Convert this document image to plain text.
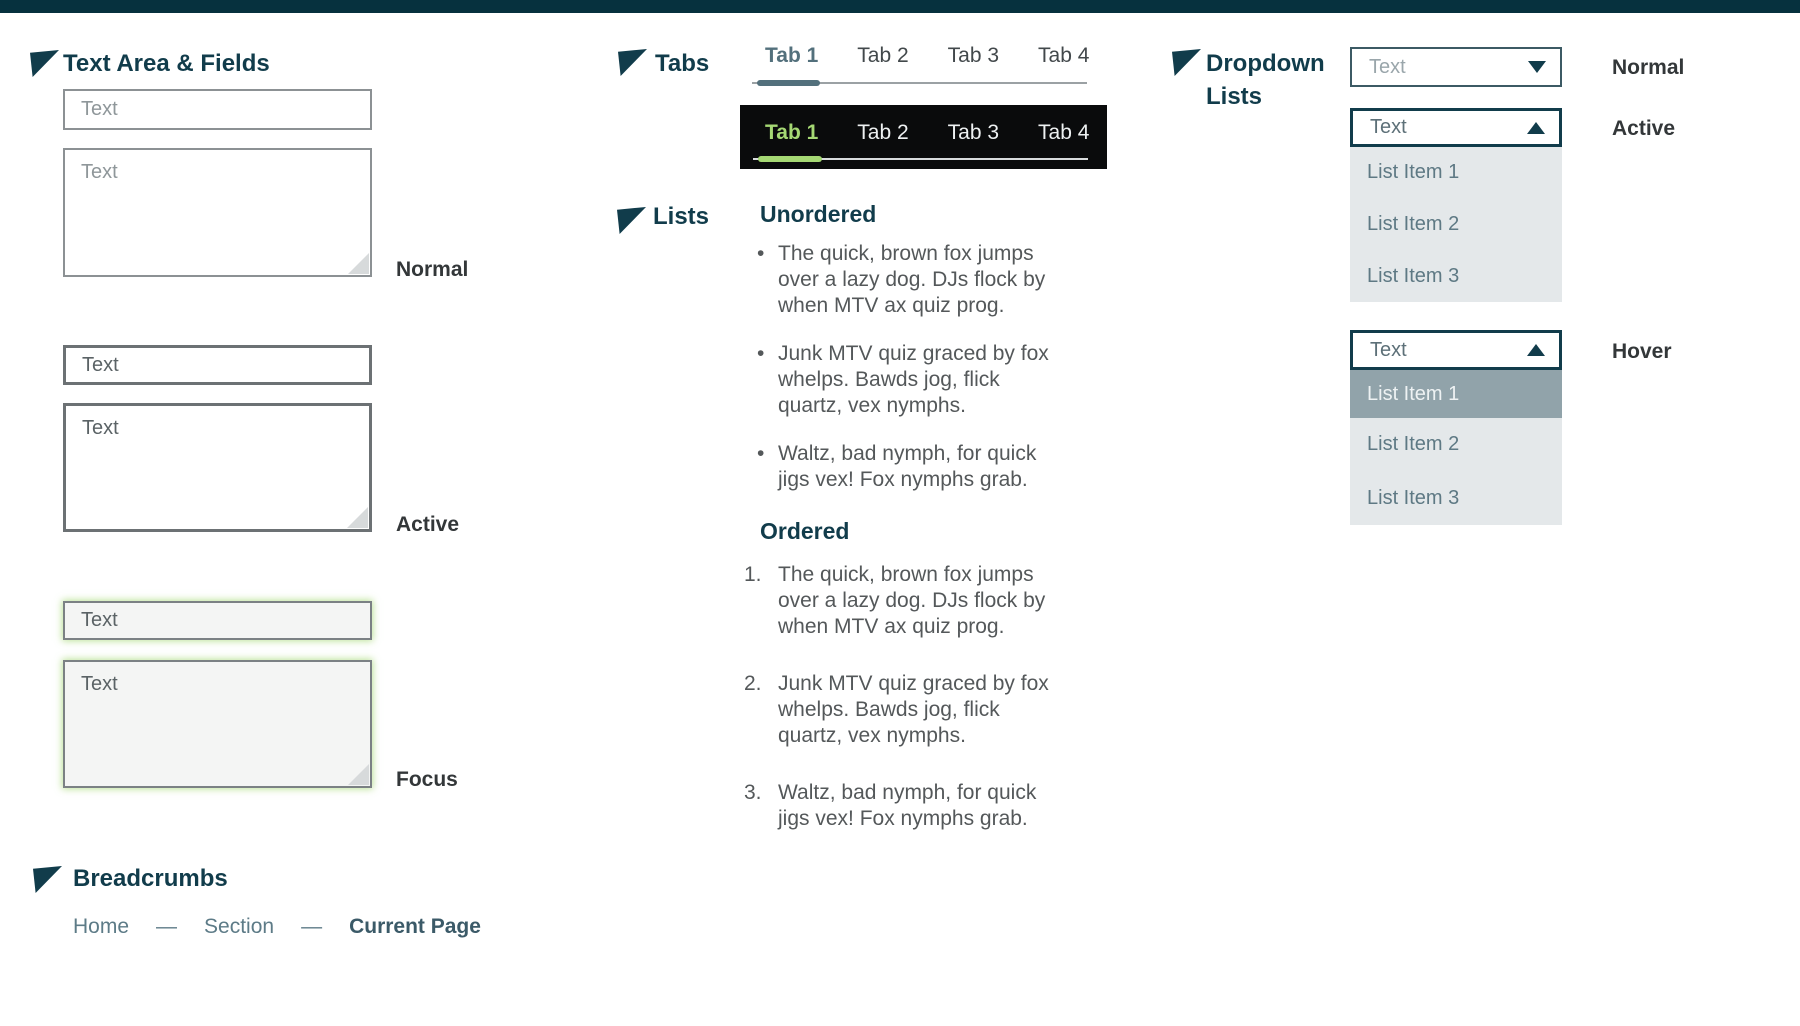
Text Area & Fields
Text
Text
Normal
Text
Text
Active
Text
Text
Focus
Breadcrumbs
Home — Section — Current Page
Tabs	Tab 1 Tab 2 Tab 3 Tab 4
Tab 1 Tab 2 Tab 3 Tab 4
Lists Unordered
• The quick, brown fox jumps over a lazy dog. DJs flock by when MTV ax quiz prog.
• Junk MTV quiz graced by fox whelps. Bawds jog, flick quartz, vex nymphs.
• Waltz, bad nymph, for quick jigs vex! Fox nymphs grab.
Ordered
1. The quick, brown fox jumps over a lazy dog. DJs flock by when MTV ax quiz prog.
2. Junk MTV quiz graced by fox whelps. Bawds jog, flick quartz, vex nymphs.
3. Waltz, bad nymph, for quick jigs vex! Fox nymphs grab.
Dropdown
Lists
Text	Normal
Text	Active
List Item 1
List Item 2
List Item 3
Text	Hover
List Item 1
List Item 2
List Item 3
